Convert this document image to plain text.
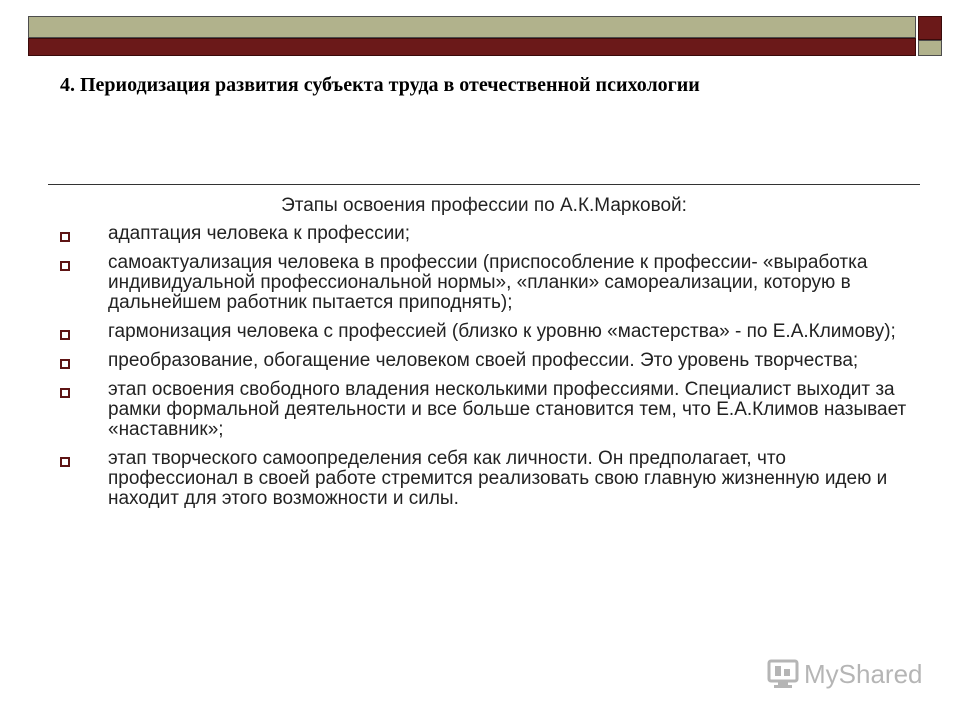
4. Периодизация развития субъекта труда в отечественной психологии
Этапы освоения профессии по А.К.Марковой:
адаптация человека к профессии;
самоактуализация человека в профессии (приспособление к профессии- «выработка индивидуальной профессиональной нормы», «планки» самореализации, которую в дальнейшем работник пытается приподнять);
гармонизация человека с профессией (близко к уровню «мастерства» - по Е.А.Климову);
преобразование, обогащение человеком своей профессии. Это уровень творчества;
этап освоения свободного владения несколькими профессиями. Специалист выходит за рамки формальной деятельности и все больше становится тем, что Е.А.Климов называет «наставник»;
этап творческого самоопределения себя как личности. Он предполагает, что профессионал в своей работе стремится реализовать свою главную жизненную идею и находит для этого возможности и силы.
MyShared
